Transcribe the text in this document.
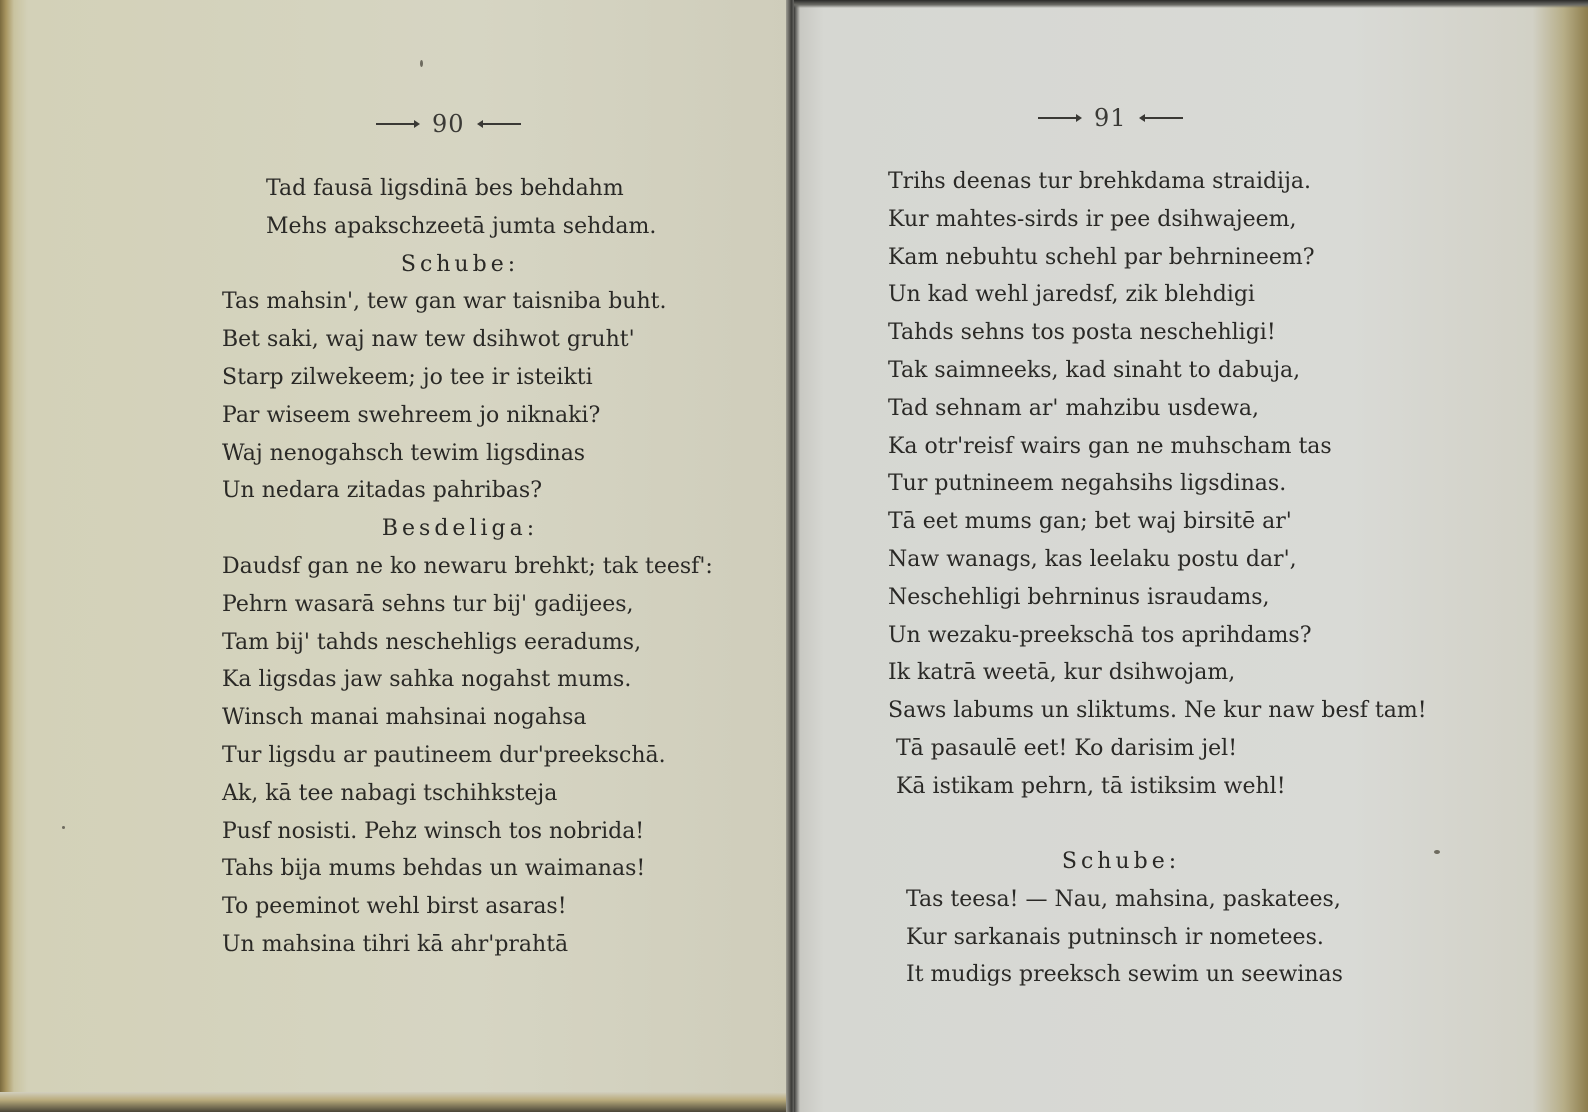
90
Tad fausā ligsdinā bes behdahm
Mehs apakschzeetā jumta sehdam.
Schube:
Tas mahsin', tew gan war taisniba buht.
Bet saki, waj naw tew dsihwot gruht'
Starp zilwekeem; jo tee ir isteikti
Par wiseem swehreem jo niknaki?
Waj nenogahsch tewim ligsdinas
Un nedara zitadas pahribas?
Besdeliga:
Daudsf gan ne ko newaru brehkt; tak teesf':
Pehrn wasarā sehns tur bij' gadijees,
Tam bij' tahds neschehligs eeradums,
Ka ligsdas jaw sahka nogahst mums.
Winsch manai mahsinai nogahsa
Tur ligsdu ar pautineem dur'preekschā.
Ak, kā tee nabagi tschihksteja
Pusf nosisti. Pehz winsch tos nobrida!
Tahs bija mums behdas un waimanas!
To peeminot wehl birst asaras!
Un mahsina tihri kā ahr'prahtā
91
Trihs deenas tur brehkdama straidija.
Kur mahtes-sirds ir pee dsihwajeem,
Kam nebuhtu schehl par behrnineem?
Un kad wehl jaredsf, zik blehdigi
Tahds sehns tos posta neschehligi!
Tak saimneeks, kad sinaht to dabuja,
Tad sehnam ar' mahzibu usdewa,
Ka otr'reisf wairs gan ne muhscham tas
Tur putnineem negahsihs ligsdinas.
Tā eet mums gan; bet waj birsitē ar'
Naw wanags, kas leelaku postu dar',
Neschehligi behrninus israudams,
Un wezaku-preekschā tos aprihdams?
Ik katrā weetā, kur dsihwojam,
Saws labums un sliktums. Ne kur naw besf tam!
Tā pasaulē eet! Ko darisim jel!
Kā istikam pehrn, tā istiksim wehl!
Schube:
Tas teesa! — Nau, mahsina, paskatees,
Kur sarkanais putninsch ir nometees.
It mudigs preeksch sewim un seewinas
